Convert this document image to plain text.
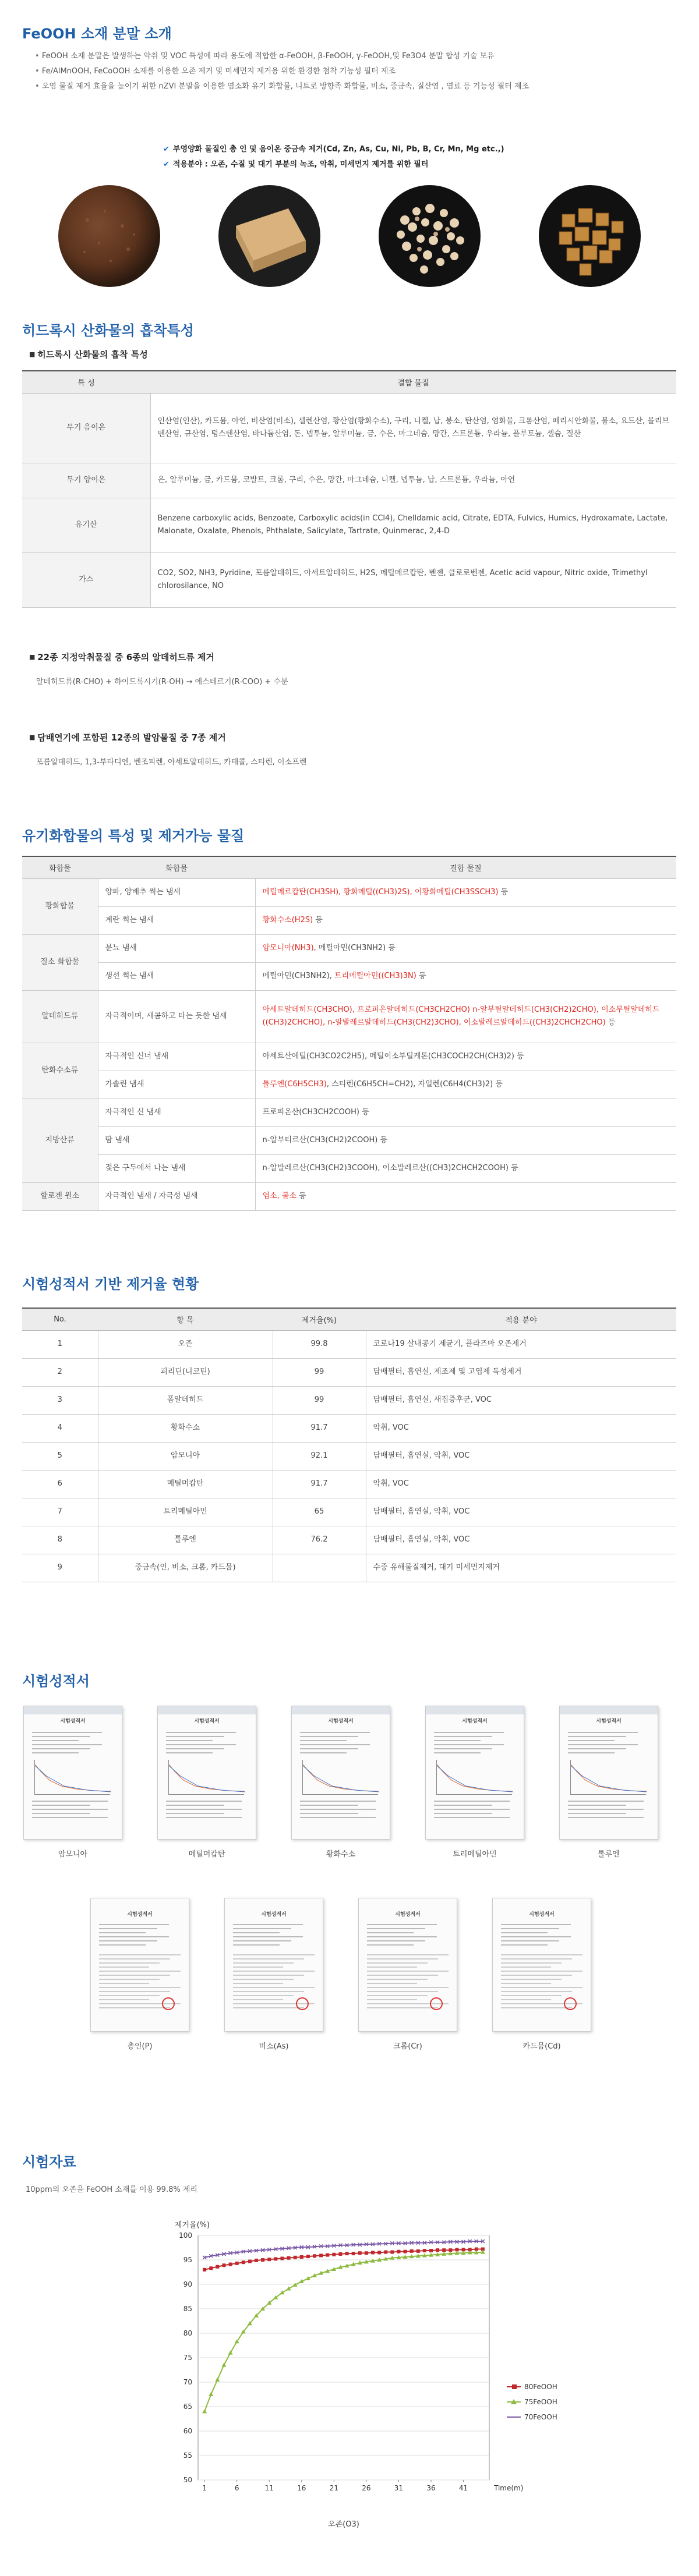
FeOOH 소재 분말 소개
• FeOOH 소재 분말은 발생하는 악취 및 VOC 특성에 따라 용도에 적합한 α-FeOOH, β-FeOOH, γ-FeOOH,및 Fe3O4 분말 합성 기술 보유
• Fe/AlMnOOH, FeCoOOH 소재를 이용한 오존 제거 및 미세먼지 제거용 위한 환경한 첨착 기능성 필터 제조
• 오염 물질 제거 효율을 높이기 위한 nZVI 분말을 이용한 염소화 유기 화합물, 니트로 방향족 화합물, 비소, 중금속, 질산염 , 염료 등 기능성 필터 제조
✔ 부영양화 물질인 총 인 및 음이온 중금속 제거(Cd, Zn, As, Cu, Ni, Pb, B, Cr, Mn, Mg etc.,)
✔ 적용분야 : 오존, 수질 및 대기 부분의 녹조, 악취, 미세먼지 제거를 위한 필터
히드록시 산화물의 흡착특성
■ 히드록시 산화물의 흡착 특성
특 성	결합 물질
무기 음이온	인산염(인산), 카드뮴, 아연, 비산염(비소), 셀렌산염, 황산염(황화수소), 구리, 니켈, 납, 붕소, 탄산염, 염화물, 크롬산염, 페리시안화물, 불소, 요드산, 몰리브덴산염, 규산염, 텅스텐산염, 바나듐산염, 돈, 넵투늄, 알루미늄, 금, 수은, 마그네슘, 망간, 스트론튬, 우라늄, 플루토늄, 셀슘, 질산
무기 양이온	은, 알루미늄, 금, 카드뮴, 코발트, 크롬, 구리, 수은, 망간, 마그네슘, 니켈, 넵투늄, 납, 스트론튬, 우라늄, 아연
유기산	Benzene carboxylic acids, Benzoate, Carboxylic acids(in CCl4), Chelldamic acid, Citrate, EDTA, Fulvics, Humics, Hydroxamate, Lactate, Malonate, Oxalate, Phenols, Phthalate, Salicylate, Tartrate, Quinmerac, 2,4-D
가스	CO2, SO2, NH3, Pyridine, 포름알데히드, 아세트알데히드, H2S, 메틸메르캅탄, 벤젠, 클로로벤젠, Acetic acid vapour, Nitric oxide, Trimethyl chlorosilance, NO
■ 22종 지정악취물질 중 6종의 알데히드류 제거
알데히드류(R-CHO) + 하이드록시기(R-OH) → 에스테르기(R-COO) + 수분
■ 담배연기에 포함된 12종의 발암물질 중 7종 제거
포름알데히드, 1,3-부타디엔, 벤조피렌, 아세트알데히드, 카테콜, 스티렌, 이소프렌
유기화합물의 특성 및 제거가능 물질
화합물	화합물	결합 물질
황화합물	양파, 양배추 썩는 냄새	메틸메르캅탄(CH3SH), 황화메틸((CH3)2S), 이황화메틸(CH3SSCH3) 등
	계란 썩는 냄새	황화수소(H2S) 등
질소 화합물	분뇨 냄새	암모니아(NH3), 메틸아민(CH3NH2) 등
	생선 썩는 냄새	메틸아민(CH3NH2), 트리메틸아민((CH3)3N) 등
알데히드류	자극적이며, 새콤하고 타는 듯한 냄새	아세트알데히드(CH3CHO), 프로피온알데히드(CH3CH2CHO) n-알부틸알데히드(CH3(CH2)2CHO), 이소부틸알데히드((CH3)2CHCHO), n-알발레르알데히드(CH3(CH2)3CHO), 이소발레르알데히드((CH3)2CHCH2CHO) 등
탄화수소류	자극적인 신너 냄새	아세트산에틸(CH3CO2C2H5), 메틸이소부틸케톤(CH3COCH2CH(CH3)2) 등
	가솔린 냄새	톨루엔(C6H5CH3), 스티렌(C6H5CH=CH2), 자일렌(C6H4(CH3)2) 등
지방산류	자극적인 신 냄새	프로피온산(CH3CH2COOH) 등
	땀 냄새	n-알부티르산(CH3(CH2)2COOH) 등
	젖은 구두에서 나는 냄새	n-알발레르산(CH3(CH2)3COOH), 이소발레르산((CH3)2CHCH2COOH) 등
할로겐 원소	자극적인 냄새 / 자극성 냄새	염소, 불소 등
시험성적서 기반 제거율 현황
No.	항 목	제거율(%)	적용 분야
1	오존	99.8	코로나19 살내공기 제균기, 플라즈마 오존제거
2	피리딘(니코틴)	99	담배필터, 흡연실, 제조제 및 고엽제 독성제거
3	폼알데히드	99	담배필터, 흡연실, 새집증후군, VOC
4	황화수소	91.7	악취, VOC
5	암모니아	92.1	담배필터, 흡연실, 악취, VOC
6	메틸머캅탄	91.7	악취, VOC
7	트리메틸아민	65	담배필터, 흡연실, 악취, VOC
8	톨루엔	76.2	담배필터, 흡연실, 악취, VOC
9	중금속(인, 비소, 크롬, 카드뮴)		수중 유해물질제거, 대기 미세먼지제거
시험성적서
시험성적서
암모니아
시험성적서
메틸머캅탄
시험성적서
황화수소
시험성적서
트리메틸아민
시험성적서
톨루엔
시험성적서
총인(P)
시험성적서
비소(As)
시험성적서
크롬(Cr)
시험성적서
카드뮴(Cd)
시험자료
10ppm의 오존을 FeOOH 소재를 이용 99.8% 제리
50
55
60
65
70
75
80
85
90
95
100
1	6	11	16	21	26	31	36	41
제거율(%)
Time(m)
오존(O3)
80FeOOH
75FeOOH
70FeOOH
